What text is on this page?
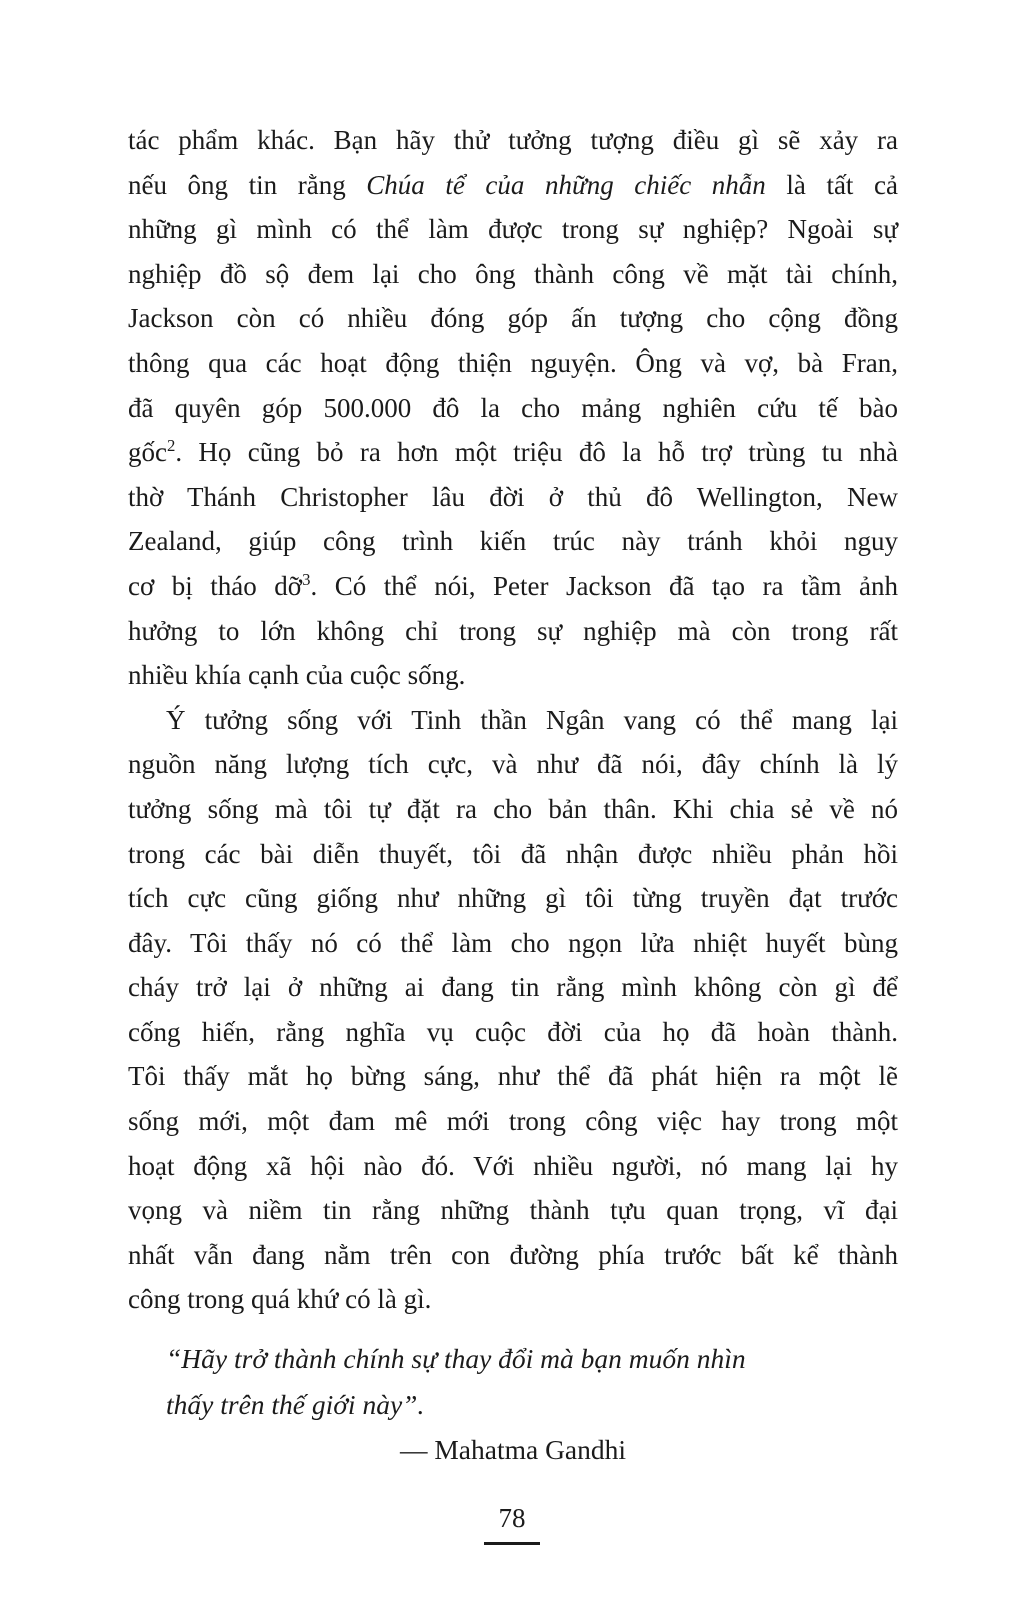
tác phẩm khác. Bạn hãy thử tưởng tượng điều gì sẽ xảy ra
nếu ông tin rằng Chúa tể của những chiếc nhẫn là tất cả
những gì mình có thể làm được trong sự nghiệp? Ngoài sự
nghiệp đồ sộ đem lại cho ông thành công về mặt tài chính,
Jackson còn có nhiều đóng góp ấn tượng cho cộng đồng
thông qua các hoạt động thiện nguyện. Ông và vợ, bà Fran,
đã quyên góp 500.000 đô la cho mảng nghiên cứu tế bào
gốc$^2$. Họ cũng bỏ ra hơn một triệu đô la hỗ trợ trùng tu nhà
thờ Thánh Christopher lâu đời ở thủ đô Wellington, New
Zealand, giúp công trình kiến trúc này tránh khỏi nguy
cơ bị tháo dỡ$^3$. Có thể nói, Peter Jackson đã tạo ra tầm ảnh
hưởng to lớn không chỉ trong sự nghiệp mà còn trong rất
nhiều khía cạnh của cuộc sống.
Ý tưởng sống với Tinh thần Ngân vang có thể mang lại
nguồn năng lượng tích cực, và như đã nói, đây chính là lý
tưởng sống mà tôi tự đặt ra cho bản thân. Khi chia sẻ về nó
trong các bài diễn thuyết, tôi đã nhận được nhiều phản hồi
tích cực cũng giống như những gì tôi từng truyền đạt trước
đây. Tôi thấy nó có thể làm cho ngọn lửa nhiệt huyết bùng
cháy trở lại ở những ai đang tin rằng mình không còn gì để
cống hiến, rằng nghĩa vụ cuộc đời của họ đã hoàn thành.
Tôi thấy mắt họ bừng sáng, như thể đã phát hiện ra một lẽ
sống mới, một đam mê mới trong công việc hay trong một
hoạt động xã hội nào đó. Với nhiều người, nó mang lại hy
vọng và niềm tin rằng những thành tựu quan trọng, vĩ đại
nhất vẫn đang nằm trên con đường phía trước bất kể thành
công trong quá khứ có là gì.
“Hãy trở thành chính sự thay đổi mà bạn muốn nhìn
thấy trên thế giới này”.
— Mahatma Gandhi
78
